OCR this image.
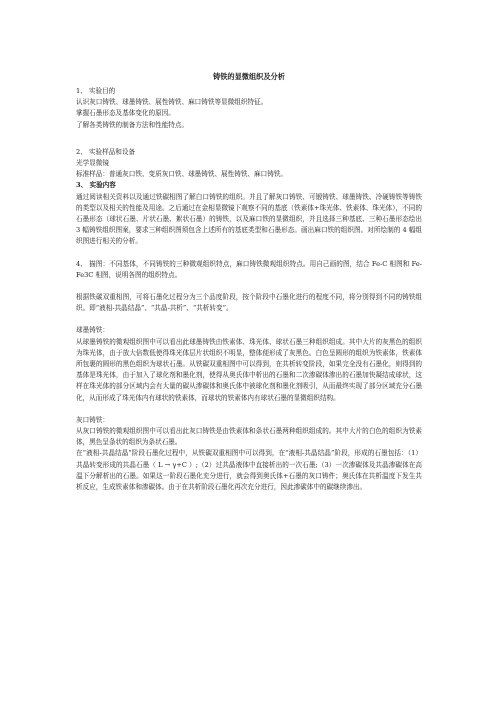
铸铁的显微组织及分析

1、 实验目的

认识灰口铸铁、球墨铸铁、展性铸铁、麻口铸铁等显微组织特征。

掌握石墨形态及基体变化的原因。

了解各类铸铁的制备方法和性能特点。

2、 实验样品和设备

光学显微镜

标准样品：普通灰口铁、变质灰口铁、球墨铸铁、展性铸铁、麻口铸铁。

3、 实验内容

通过阅读相关资料以及通过铁碳相图了解白口铸铁的组织。并且了解灰口铸铁、可锻铸铁、球墨铸铁、冷硬铸铁等铸铁的类型以及相关的性能及用途。之后通过在金相显微镜下观察不同的基底（铁素体+珠光体、铁素体、珠光体），不同的石墨形态（球状石墨、片状石墨、絮状石墨）的铸铁，以及麻口铁的显微组织，并且选择三种基底、三种石墨形态绘出 3 幅铸铁组织图案，要求三种组织图须包含上述所有的基底类型和石墨形态。画出麻口铁的组织图。对所绘制的 4 幅组织图进行相关的分析。

4、 描图：不同基体，不同铸铁的三种微观组织特点，麻口铸铁微观组织特点。用自己画的图，结合 Fe-C 相图和 Fe-Fe3C 相图，说明各图的组织特点。

根据铁碳双重相图，可将石墨化过程分为三个品度阶段，按个阶段中石墨化进行的程度不同，将分别得到不同的铸铁组织。即“液相-共晶结晶”、“共晶-共析”、“共析转变”。

球墨铸铁：

从球墨铸铁的微观组织图中可以看出此球墨铸铁由铁素体、珠光体、球状石墨三种组织组成。其中大片的灰黑色的组织为珠光体，由于放大倍数低使得珠光体层片状组织不明显，整体便形成了灰黑色。白色呈圆形的组织为铁素体，铁素体所包裹的圆形的黑色组织为球状石墨。从铁碳双重相图中可以得到，在共析转变阶段，如果完全没有石墨化，则得到的基体是珠光体，由于加入了球化剂和墨化剂，使得从奥氏体中析出的石墨和二次渗碳体渗出的石墨加快凝结成球状，这样在珠光体的部分区域内会有大量的碳从渗碳体和奥氏体中被球化剂和墨化剂吸引，从而最终实现了部分区域充分石墨化，从而形成了珠光体内有球状的铁素体，而球状的铁素体内有球状石墨的显微组织结构。

灰口铸铁：

从灰口铸铁的微观组织图中可以看出此灰口铸铁是由铁素体和条状石墨两种组织组成的。其中大片的白色的组织为铁素体，黑色呈条状的组织为条状石墨。

在“液相-共晶结晶”阶段石墨化过程中，从铁碳双重相图中可以得到，在“液相-共晶结晶”阶段，形成的石墨包括：（1）共晶转变形成的共晶石墨（ L → γ+C ）;（2）过共晶液体中直接析出的一次石墨;（3）一次渗碳体及共晶渗碳体在高温下分解析出的石墨。如果这一阶段石墨化充分进行，就会得到奥氏体+石墨的灰口铸件；奥氏体在共析温度下发生共析反应，生成铁素体和渗碳体。由于在共析阶段石墨化再次充分进行，因此渗碳体中的碳继续渗出。
